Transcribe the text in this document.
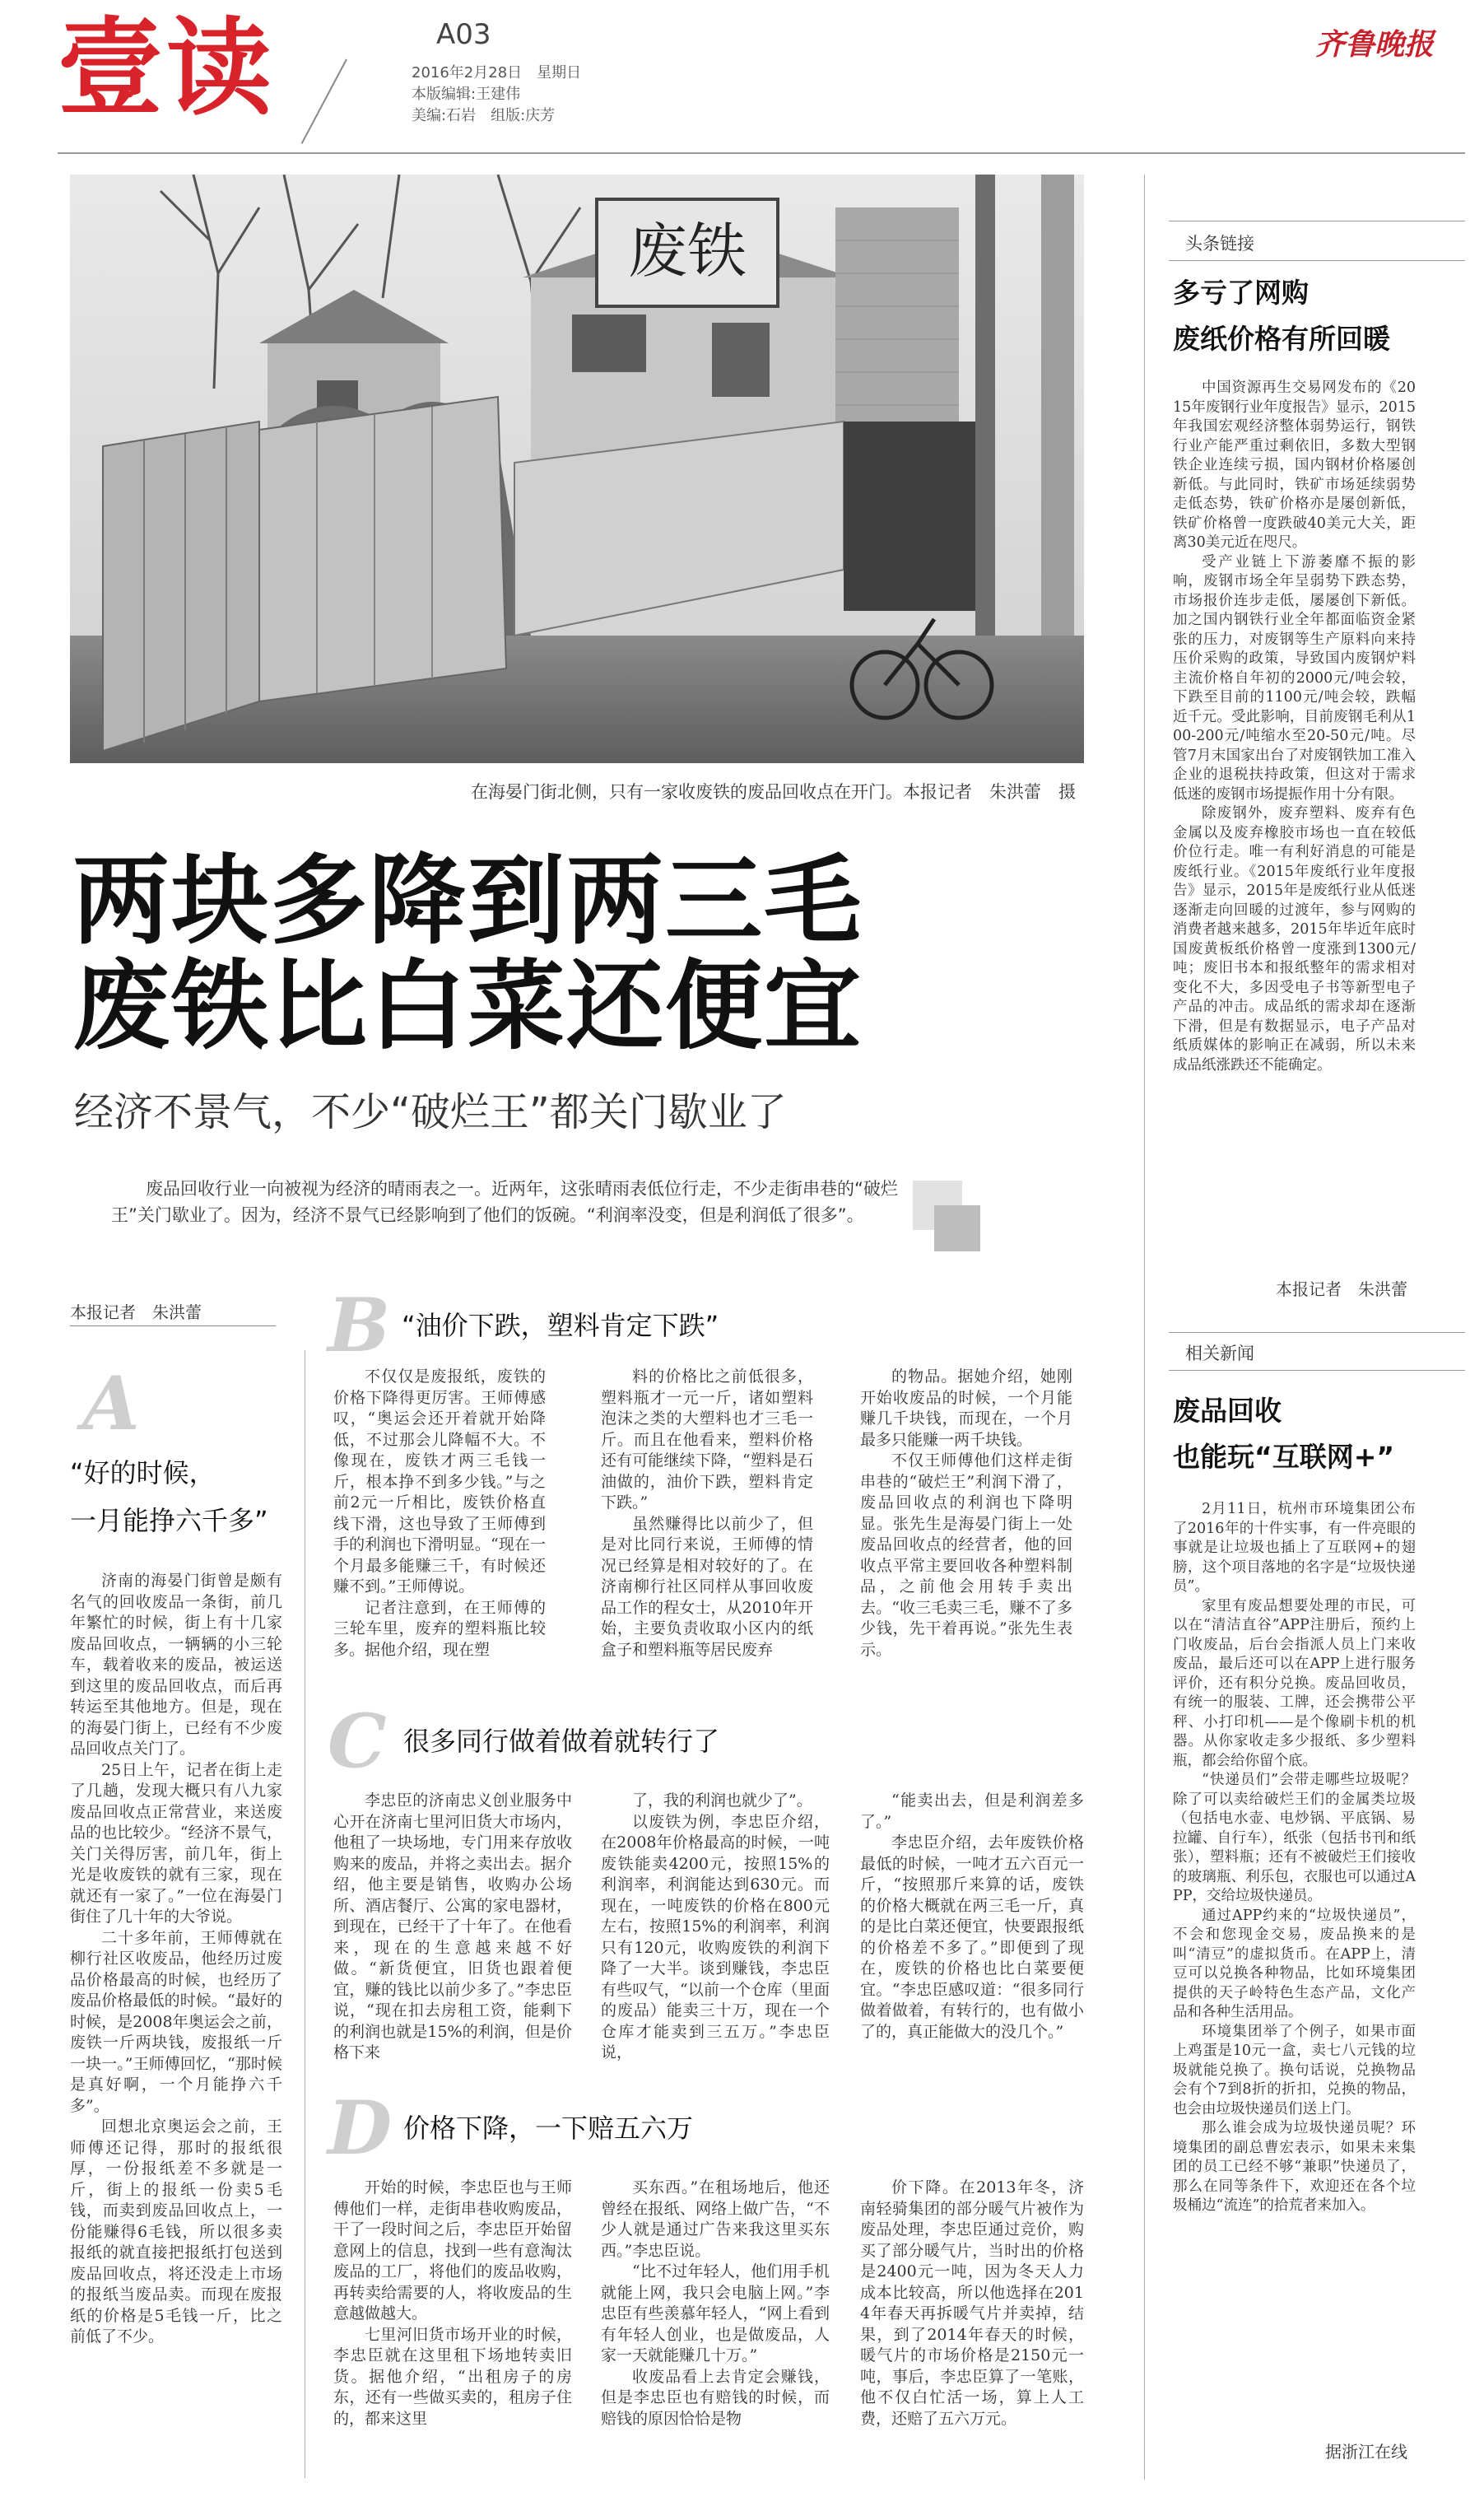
壹读	A03
2016年2月28日　星期日
本版编辑:王建伟
美编:石岩　组版:庆芳
齐鲁晚报
废铁
在海晏门街北侧，只有一家收废铁的废品回收点在开门。本报记者　朱洪蕾　摄
两块多降到两三毛
废铁比白菜还便宜
经济不景气，不少“破烂王”都关门歇业了
废品回收行业一向被视为经济的晴雨表之一。近两年，这张晴雨表低位行走，不少走街串巷的“破烂王”关门歇业了。因为，经济不景气已经影响到了他们的饭碗。“利润率没变，但是利润低了很多”。
本报记者　朱洪蕾
A
“好的时候，
一月能挣六千多”

济南的海晏门街曾是颇有名气的回收废品一条街，前几年繁忙的时候，街上有十几家废品回收点，一辆辆的小三轮车，载着收来的废品，被运送到这里的废品回收点，而后再转运至其他地方。但是，现在的海晏门街上，已经有不少废品回收点关门了。

25日上午，记者在街上走了几趟，发现大概只有八九家废品回收点正常营业，来送废品的也比较少。“经济不景气，关门关得厉害，前几年，街上光是收废铁的就有三家，现在就还有一家了。”一位在海晏门街住了几十年的大爷说。

二十多年前，王师傅就在柳行社区收废品，他经历过废品价格最高的时候，也经历了废品价格最低的时候。“最好的时候，是2008年奥运会之前，废铁一斤两块钱，废报纸一斤一块一。”王师傅回忆，“那时候是真好啊，一个月能挣六千多”。

回想北京奥运会之前，王师傅还记得，那时的报纸很厚，一份报纸差不多就是一斤，街上的报纸一份卖5毛钱，而卖到废品回收点上，一份能赚得6毛钱，所以很多卖报纸的就直接把报纸打包送到废品回收点，将还没走上市场的报纸当废品卖。而现在废报纸的价格是5毛钱一斤，比之前低了不少。

B “油价下跌，塑料肯定下跌”

不仅仅是废报纸，废铁的价格下降得更厉害。王师傅感叹，“奥运会还开着就开始降低，不过那会儿降幅不大。不像现在，废铁才两三毛钱一斤，根本挣不到多少钱。”与之前2元一斤相比，废铁价格直线下滑，这也导致了王师傅到手的利润也下滑明显。“现在一个月最多能赚三千，有时候还赚不到。”王师傅说。

记者注意到，在王师傅的三轮车里，废弃的塑料瓶比较多。据他介绍，现在塑

料的价格比之前低很多，塑料瓶才一元一斤，诸如塑料泡沫之类的大塑料也才三毛一斤。而且在他看来，塑料价格还有可能继续下降，“塑料是石油做的，油价下跌，塑料肯定下跌。”

虽然赚得比以前少了，但是对比同行来说，王师傅的情况已经算是相对较好的了。在济南柳行社区同样从事回收废品工作的程女士，从2010年开始，主要负责收取小区内的纸盒子和塑料瓶等居民废弃

的物品。据她介绍，她刚开始收废品的时候，一个月能赚几千块钱，而现在，一个月最多只能赚一两千块钱。

不仅王师傅他们这样走街串巷的“破烂王”利润下滑了，废品回收点的利润也下降明显。张先生是海晏门街上一处废品回收点的经营者，他的回收点平常主要回收各种塑料制品，之前他会用转手卖出去。“收三毛卖三毛，赚不了多少钱，先干着再说。”张先生表示。

C 很多同行做着做着就转行了

李忠臣的济南忠义创业服务中心开在济南七里河旧货大市场内，他租了一块场地，专门用来存放收购来的废品，并将之卖出去。据介绍，他主要是销售，收购办公场所、酒店餐厅、公寓的家电器材，到现在，已经干了十年了。在他看来，现在的生意越来越不好做。“新货便宜，旧货也跟着便宜，赚的钱比以前少多了。”李忠臣说，“现在扣去房租工资，能剩下的利润也就是15%的利润，但是价格下来

了，我的利润也就少了”。

以废铁为例，李忠臣介绍，在2008年价格最高的时候，一吨废铁能卖4200元，按照15%的利润率，利润能达到630元。而现在，一吨废铁的价格在800元左右，按照15%的利润率，利润只有120元，收购废铁的利润下降了一大半。谈到赚钱，李忠臣有些叹气，“以前一个仓库（里面的废品）能卖三十万，现在一个仓库才能卖到三五万。”李忠臣说，

“能卖出去，但是利润差多了。”

李忠臣介绍，去年废铁价格最低的时候，一吨才五六百元一斤，“按照那斤来算的话，废铁的价格大概就在两三毛一斤，真的是比白菜还便宜，快要跟报纸的价格差不多了。”即便到了现在，废铁的价格也比白菜要便宜。“李忠臣感叹道：“很多同行做着做着，有转行的，也有做小了的，真正能做大的没几个。”

D 价格下降，一下赔五六万

开始的时候，李忠臣也与王师傅他们一样，走街串巷收购废品，干了一段时间之后，李忠臣开始留意网上的信息，找到一些有意淘汰废品的工厂，将他们的废品收购，再转卖给需要的人，将收废品的生意越做越大。

七里河旧货市场开业的时候，李忠臣就在这里租下场地转卖旧货。据他介绍，“出租房子的房东，还有一些做买卖的，租房子住的，都来这里

买东西。”在租场地后，他还曾经在报纸、网络上做广告，“不少人就是通过广告来我这里买东西。”李忠臣说。

“比不过年轻人，他们用手机就能上网，我只会电脑上网。”李忠臣有些羡慕年轻人，“网上看到有年轻人创业，也是做废品，人家一天就能赚几十万。”

收废品看上去肯定会赚钱，但是李忠臣也有赔钱的时候，而赔钱的原因恰恰是物

价下降。在2013年冬，济南轻骑集团的部分暖气片被作为废品处理，李忠臣通过竞价，购买了部分暖气片，当时出的价格是2400元一吨，因为冬天人力成本比较高，所以他选择在2014年春天再拆暖气片并卖掉，结果，到了2014年春天的时候，暖气片的市场价格是2150元一吨，事后，李忠臣算了一笔账，他不仅白忙活一场，算上人工费，还赔了五六万元。

头条链接
多亏了网购
废纸价格有所回暖

中国资源再生交易网发布的《2015年废钢行业年度报告》显示，2015年我国宏观经济整体弱势运行，钢铁行业产能严重过剩依旧，多数大型钢铁企业连续亏损，国内钢材价格屡创新低。与此同时，铁矿市场延续弱势走低态势，铁矿价格亦是屡创新低，铁矿价格曾一度跌破40美元大关，距离30美元近在咫尺。

受产业链上下游萎靡不振的影响，废钢市场全年呈弱势下跌态势，市场报价连步走低，屡屡创下新低。加之国内钢铁行业全年都面临资金紧张的压力，对废钢等生产原料向来持压价采购的政策，导致国内废钢炉料主流价格自年初的2000元/吨会较，下跌至目前的1100元/吨会较，跌幅近千元。受此影响，目前废钢毛利从100-200元/吨缩水至20-50元/吨。尽管7月末国家出台了对废钢铁加工准入企业的退税扶持政策，但这对于需求低迷的废钢市场提振作用十分有限。

除废钢外，废弃塑料、废弃有色金属以及废弃橡胶市场也一直在较低价位行走。唯一有利好消息的可能是废纸行业。《2015年废纸行业年度报告》显示，2015年是废纸行业从低迷逐渐走向回暖的过渡年，参与网购的消费者越来越多，2015年毕近年底时国废黄板纸价格曾一度涨到1300元/吨；废旧书本和报纸整年的需求相对变化不大，多因受电子书等新型电子产品的冲击。成品纸的需求却在逐渐下滑，但是有数据显示，电子产品对纸质媒体的影响正在减弱，所以未来成品纸涨跌还不能确定。

本报记者　朱洪蕾
相关新闻
废品回收
也能玩“互联网+”

2月11日，杭州市环境集团公布了2016年的十件实事，有一件亮眼的事就是让垃圾也插上了互联网+的翅膀，这个项目落地的名字是“垃圾快递员”。

家里有废品想要处理的市民，可以在“清洁直谷”APP注册后，预约上门收废品，后台会指派人员上门来收废品，最后还可以在APP上进行服务评价，还有积分兑换。废品回收员，有统一的服装、工牌，还会携带公平秤、小打印机——是个像刷卡机的机器。从你家收走多少报纸、多少塑料瓶，都会给你留个底。

“快递员们”会带走哪些垃圾呢？除了可以卖给破烂王们的金属类垃圾（包括电水壶、电炒锅、平底锅、易拉罐、自行车），纸张（包括书刊和纸张），塑料瓶；还有不被破烂王们接收的玻璃瓶、利乐包，衣服也可以通过APP，交给垃圾快递员。

通过APP约来的“垃圾快递员”，不会和您现金交易，废品换来的是叫“清豆”的虚拟货币。在APP上，清豆可以兑换各种物品，比如环境集团提供的天子岭特色生态产品，文化产品和各种生活用品。

环境集团举了个例子，如果市面上鸡蛋是10元一盒，卖七八元钱的垃圾就能兑换了。换句话说，兑换物品会有个7到8折的折扣，兑换的物品，也会由垃圾快递员们送上门。

那么谁会成为垃圾快递员呢？环境集团的副总曹宏表示，如果未来集团的员工已经不够“兼职”快递员了，那么在同等条件下，欢迎还在各个垃圾桶边“流连”的拾荒者来加入。

据浙江在线
